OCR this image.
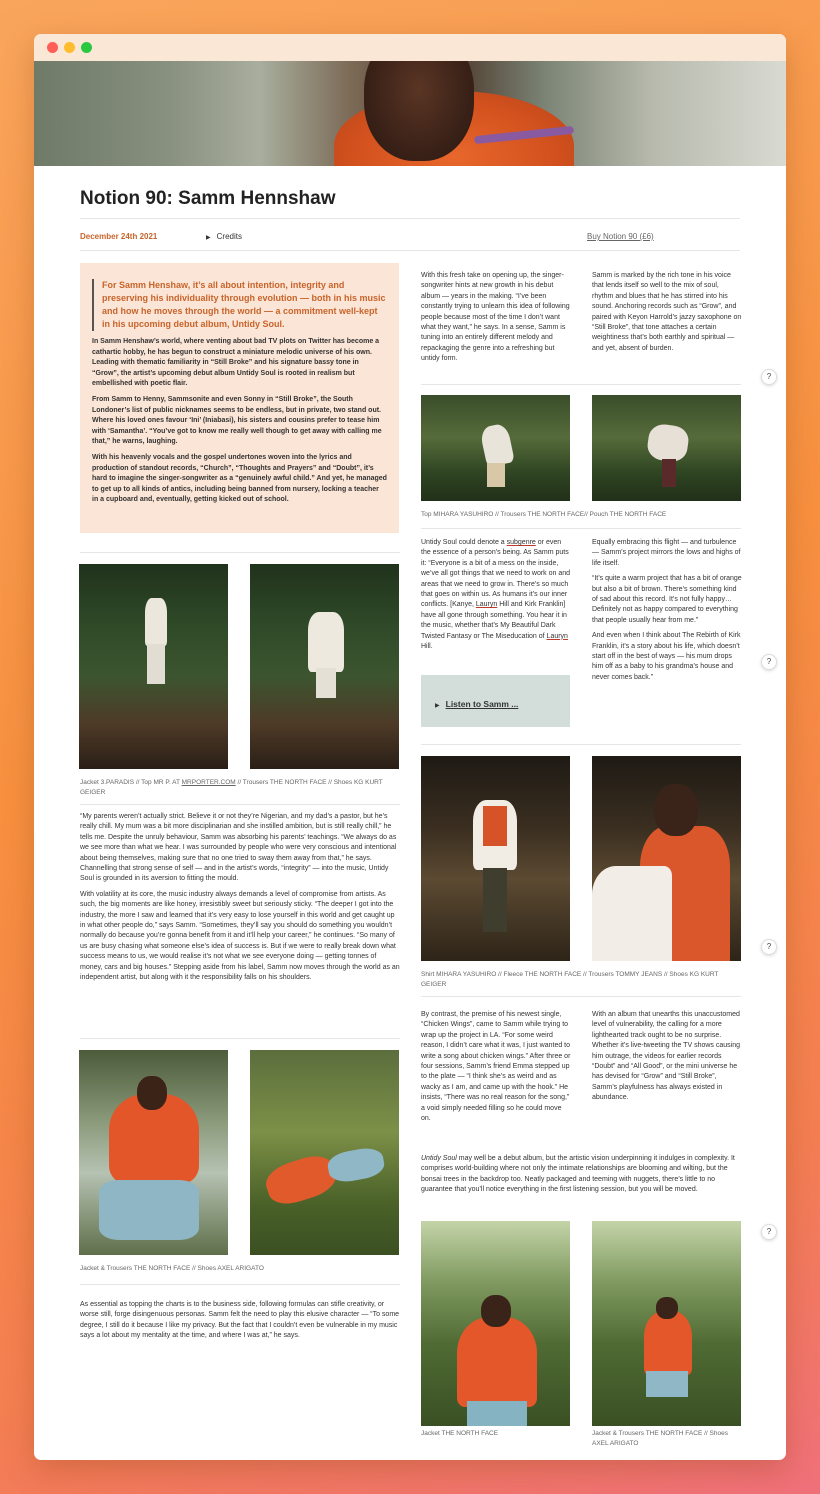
Notion 90: Samm Hennshaw
December 24th 2021	▶ Credits	Buy Notion 90 (£6)
For Samm Henshaw, it’s all about intention, integrity and preserving his individuality through evolution — both in his music and how he moves through the world — a commitment well-kept in his upcoming debut album, Untidy Soul.

In Samm Henshaw’s world, where venting about bad TV plots on Twitter has become a cathartic hobby, he has begun to construct a miniature melodic universe of his own. Leading with thematic familiarity in “Still Broke” and his signature bassy tone in “Grow”, the artist’s upcoming debut album Untidy Soul is rooted in realism but embellished with poetic flair.

From Samm to Henny, Sammsonite and even Sonny in “Still Broke”, the South Londoner’s list of public nicknames seems to be endless, but in private, two stand out. Where his loved ones favour ‘Ini’ (Iniabasi), his sisters and cousins prefer to tease him with ‘Samantha’. “You’ve got to know me really well though to get away with calling me that,” he warns, laughing.

With his heavenly vocals and the gospel undertones woven into the lyrics and production of standout records, “Church”, “Thoughts and Prayers” and “Doubt”, it’s hard to imagine the singer-songwriter as a “genuinely awful child.” And yet, he managed to get up to all kinds of antics, including being banned from nursery, locking a teacher in a cupboard and, eventually, getting kicked out of school.

With this fresh take on opening up, the singer-songwriter hints at new growth in his debut album — years in the making. “I’ve been constantly trying to unlearn this idea of following people because most of the time I don’t want what they want,” he says. In a sense, Samm is tuning into an entirely different melody and repackaging the genre into a refreshing but untidy form.
Samm is marked by the rich tone in his voice that lends itself so well to the mix of soul, rhythm and blues that he has stirred into his sound. Anchoring records such as “Grow”, and paired with Keyon Harrold’s jazzy saxophone on “Still Broke”, that tone attaches a certain weightiness that’s both earthly and spiritual — and yet, absent of burden.
?
Top MIHARA YASUHIRO // Trousers THE NORTH FACE// Pouch THE NORTH FACE
Jacket 3.PARADIS // Top MR P. AT MRPORTER.COM // Trousers THE NORTH FACE // Shoes KG KURT GEIGER
Untidy Soul could denote a subgenre or even the essence of a person’s being. As Samm puts it: “Everyone is a bit of a mess on the inside, we’ve all got things that we need to work on and areas that we need to grow in. There’s so much that goes on within us. As humans it’s our inner conflicts. [Kanye, Lauryn Hill and Kirk Franklin] have all gone through something. You hear it in the music, whether that’s My Beautiful Dark Twisted Fantasy or The Miseducation of Lauryn Hill.

Equally embracing this flight — and turbulence — Samm’s project mirrors the lows and highs of life itself.

“It’s quite a warm project that has a bit of orange but also a bit of brown. There’s something kind of sad about this record. It’s not fully happy… Definitely not as happy compared to everything that people usually hear from me.”

And even when I think about The Rebirth of Kirk Franklin, it’s a story about his life, which doesn’t start off in the best of ways — his mum drops him off as a baby to his grandma’s house and never comes back.”

▶ Listen to Samm ...
?
Shirt MIHARA YASUHIRO // Fleece THE NORTH FACE // Trousers TOMMY JEANS // Shoes KG KURT GEIGER
?

“My parents weren’t actually strict. Believe it or not they’re Nigerian, and my dad’s a pastor, but he’s really chill. My mum was a bit more disciplinarian and she instilled ambition, but is still really chill,” he tells me. Despite the unruly behaviour, Samm was absorbing his parents’ teachings. “We always do as we see more than what we hear. I was surrounded by people who were very conscious and intentional about being themselves, making sure that no one tried to sway them away from that,” he says. Channelling that strong sense of self — and in the artist’s words, “integrity” — into the music, Untidy Soul is grounded in its aversion to fitting the mould.

With volatility at its core, the music industry always demands a level of compromise from artists. As such, the big moments are like honey, irresistibly sweet but seriously sticky. “The deeper I got into the industry, the more I saw and learned that it’s very easy to lose yourself in this world and get caught up in what other people do,” says Samm. “Sometimes, they’ll say you should do something you wouldn’t normally do because you’re gonna benefit from it and it’ll help your career,” he continues. “So many of us are busy chasing what someone else’s idea of success is. But if we were to really break down what success means to us, we would realise it’s not what we see everyone doing — getting tonnes of money, cars and big houses.” Stepping aside from his label, Samm now moves through the world as an independent artist, but along with it the responsibility falls on his shoulders.

Jacket & Trousers THE NORTH FACE // Shoes AXEL ARIGATO
As essential as topping the charts is to the business side, following formulas can stifle creativity, or worse still, forge disingenuous personas. Samm felt the need to play this elusive character — “To some degree, I still do it because I like my privacy. But the fact that I couldn’t even be vulnerable in my music says a lot about my mentality at the time, and where I was at,” he says.
By contrast, the premise of his newest single, “Chicken Wings”, came to Samm while trying to wrap up the project in LA. “For some weird reason, I didn’t care what it was, I just wanted to write a song about chicken wings.” After three or four sessions, Samm’s friend Emma stepped up to the plate — “I think she’s as weird and as wacky as I am, and came up with the hook.” He insists, “There was no real reason for the song,” a void simply needed filling so he could move on.
With an album that unearths this unaccustomed level of vulnerability, the calling for a more lighthearted track ought to be no surprise. Whether it’s live-tweeting the TV shows causing him outrage, the videos for earlier records “Doubt” and “All Good”, or the mini universe he has devised for “Grow” and “Still Broke”, Samm’s playfulness has always existed in abundance.
Untidy Soul may well be a debut album, but the artistic vision underpinning it indulges in complexity. It comprises world-building where not only the intimate relationships are blooming and wilting, but the bonsai trees in the backdrop too. Neatly packaged and teeming with nuggets, there’s little to no guarantee that you’ll notice everything in the first listening session, but you will be moved.
?
Jacket THE NORTH FACE	Jacket & Trousers THE NORTH FACE // Shoes AXEL ARIGATO
